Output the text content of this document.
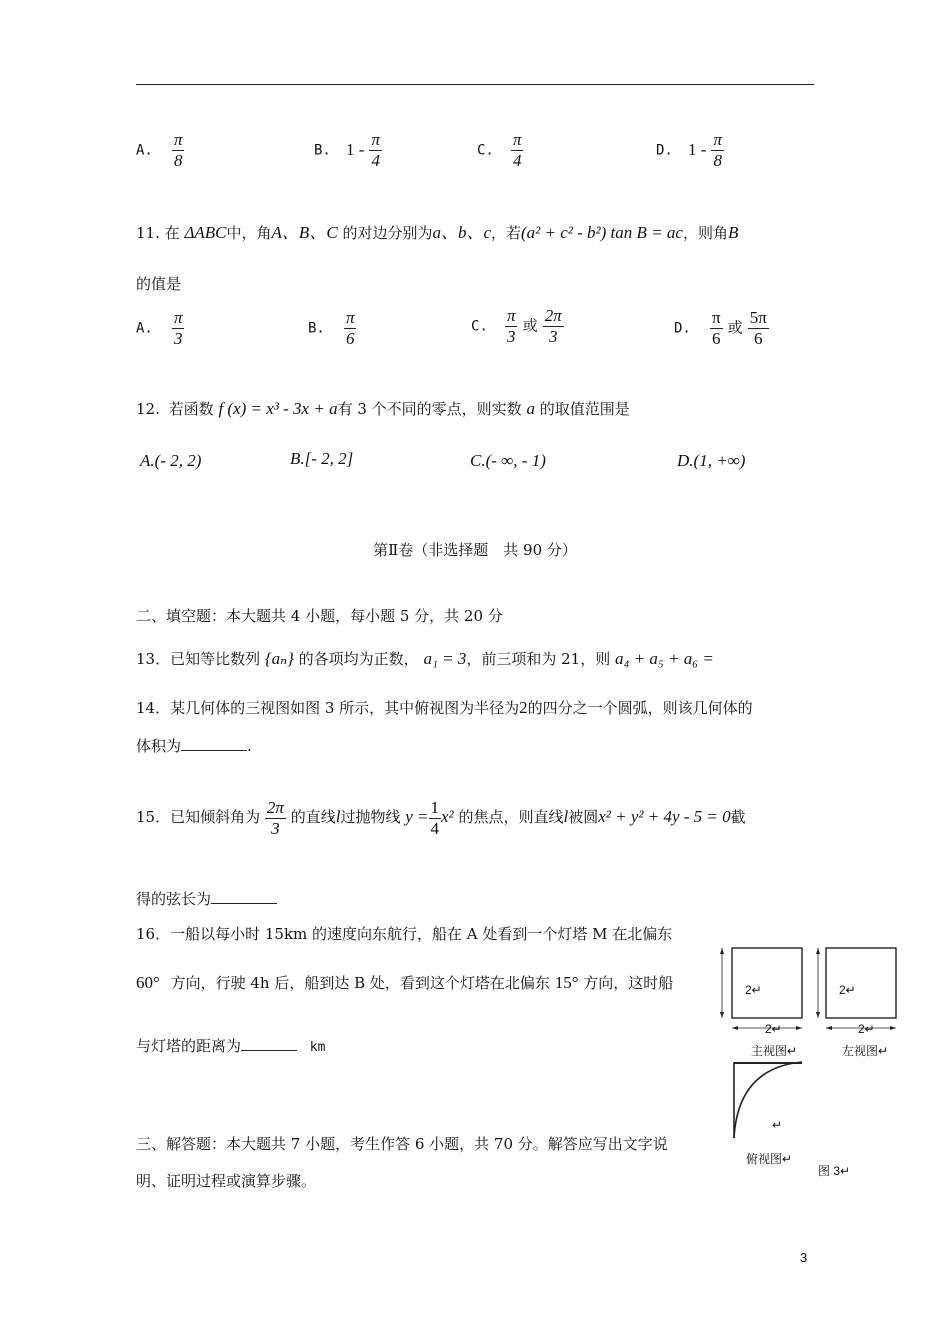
A. $\frac{\pi}{8}$	B. $1 - \frac{\pi}{4}$	C. $\frac{\pi}{4}$	D. $1 - \frac{\pi}{8}$
11. 在 ΔABC中，角A、B、C 的对边分别为a、b、c，若(a² + c² - b²) tan B = ac，则角B
的值是
A. $\frac{\pi}{3}$	B. $\frac{\pi}{6}$	C. $\frac{\pi}{3}$ 或 $\frac{2\pi}{3}$	D. $\frac{\pi}{6}$ 或 $\frac{5\pi}{6}$
12. 若函数 f (x) = x³ - 3x + a有 3 个不同的零点，则实数 a 的取值范围是
A.(- 2, 2)	B.[- 2, 2]	C.(- ∞, - 1)	D.(1, +∞)
第Ⅱ卷（非选择题　共 90 分）
二、填空题：本大题共 4 小题，每小题 5 分，共 20 分
13．已知等比数列 {aₙ} 的各项均为正数， a₁ = 3，前三项和为 21，则 a₄ + a₅ + a₆ =
14．某几何体的三视图如图 3 所示，其中俯视图为半径为2的四分之一个圆弧，则该几何体的
体积为	.
15．已知倾斜角为 $\frac{2\pi}{3}$ 的直线l过抛物线 $y = \frac{1}{4} x^2$ 的焦点，则直线l被圆x² + y² + 4y - 5 = 0截
得的弦长为
16．一船以每小时 15km 的速度向东航行，船在 A 处看到一个灯塔 M 在北偏东
60° 方向，行驶 4h 后，船到达 B 处，看到这个灯塔在北偏东 15° 方向，这时船
与灯塔的距离为	km
三、解答题：本大题共 7 小题，考生作答 6 小题，共 70 分。解答应写出文字说
明、证明过程或演算步骤。
2↵	2↵
2↵	2↵
主视图↵	左视图↵
↵
俯视图↵
图 3↵
3
